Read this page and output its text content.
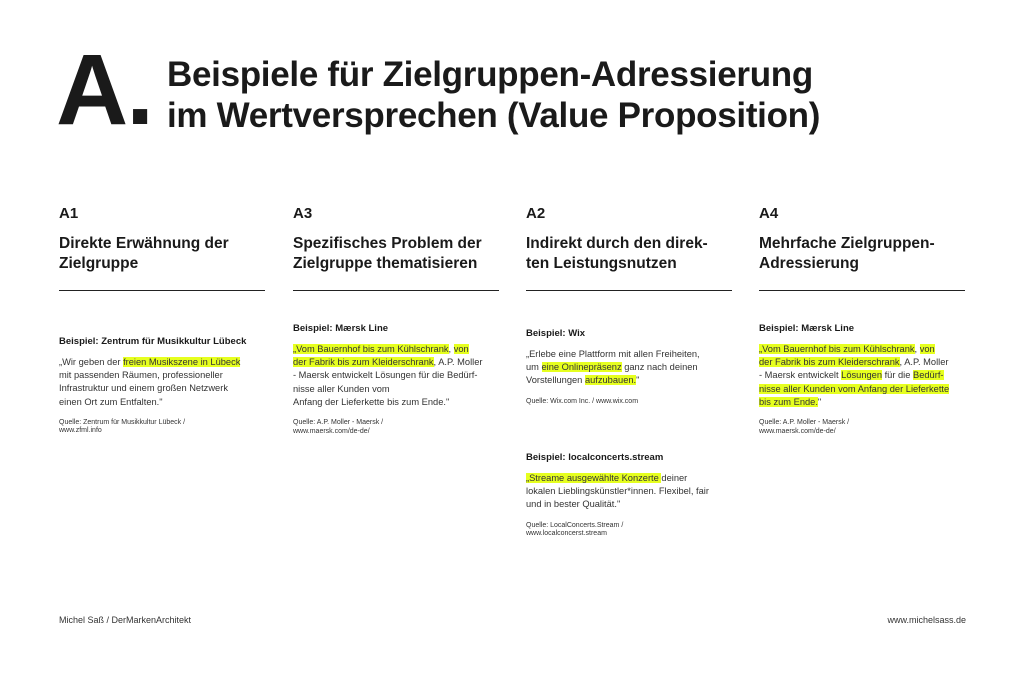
A. Beispiele für Zielgruppen-Adressierung
im Wertversprechen (Value Proposition)
A1
Direkte Erwähnung der
Zielgruppe
A3
Spezifisches Problem der
Zielgruppe thematisieren
A2
Indirekt durch den direk-
ten Leistungsnutzen
A4
Mehrfache Zielgruppen-
Adressierung
Beispiel: Zentrum für Musikkultur Lübeck
„Wir geben der freien Musikszene in Lübeck
mit passenden Räumen, professioneller
Infrastruktur und einem großen Netzwerk
einen Ort zum Entfalten."
Quelle: Zentrum für Musikkultur Lübeck /
www.zfml.info
Beispiel: Mærsk Line
„Vom Bauernhof bis zum Kühlschrank, von
der Fabrik bis zum Kleiderschrank, A.P. Moller
- Maersk entwickelt Lösungen für die Bedürf-
nisse aller Kunden vom
Anfang der Lieferkette bis zum Ende."
Quelle: A.P. Moller - Maersk /
www.maersk.com/de-de/
Beispiel: Wix
„Erlebe eine Plattform mit allen Freiheiten,
um eine Onlinepräsenz ganz nach deinen
Vorstellungen aufzubauen."
Quelle: Wix.com Inc. / www.wix.com
Beispiel: localconcerts.stream
„Streame ausgewählte Konzerte deiner
lokalen Lieblingskünstler*innen. Flexibel, fair
und in bester Qualität."
Quelle: LocalConcerts.Stream /
www.localconcerst.stream
Beispiel: Mærsk Line
„Vom Bauernhof bis zum Kühlschrank, von
der Fabrik bis zum Kleiderschrank, A.P. Moller
- Maersk entwickelt Lösungen für die Bedürf-
nisse aller Kunden vom Anfang der Lieferkette
bis zum Ende."
Quelle: A.P. Moller - Maersk /
www.maersk.com/de-de/
Michel Saß / DerMarkenArchitekt	www.michelsass.de
